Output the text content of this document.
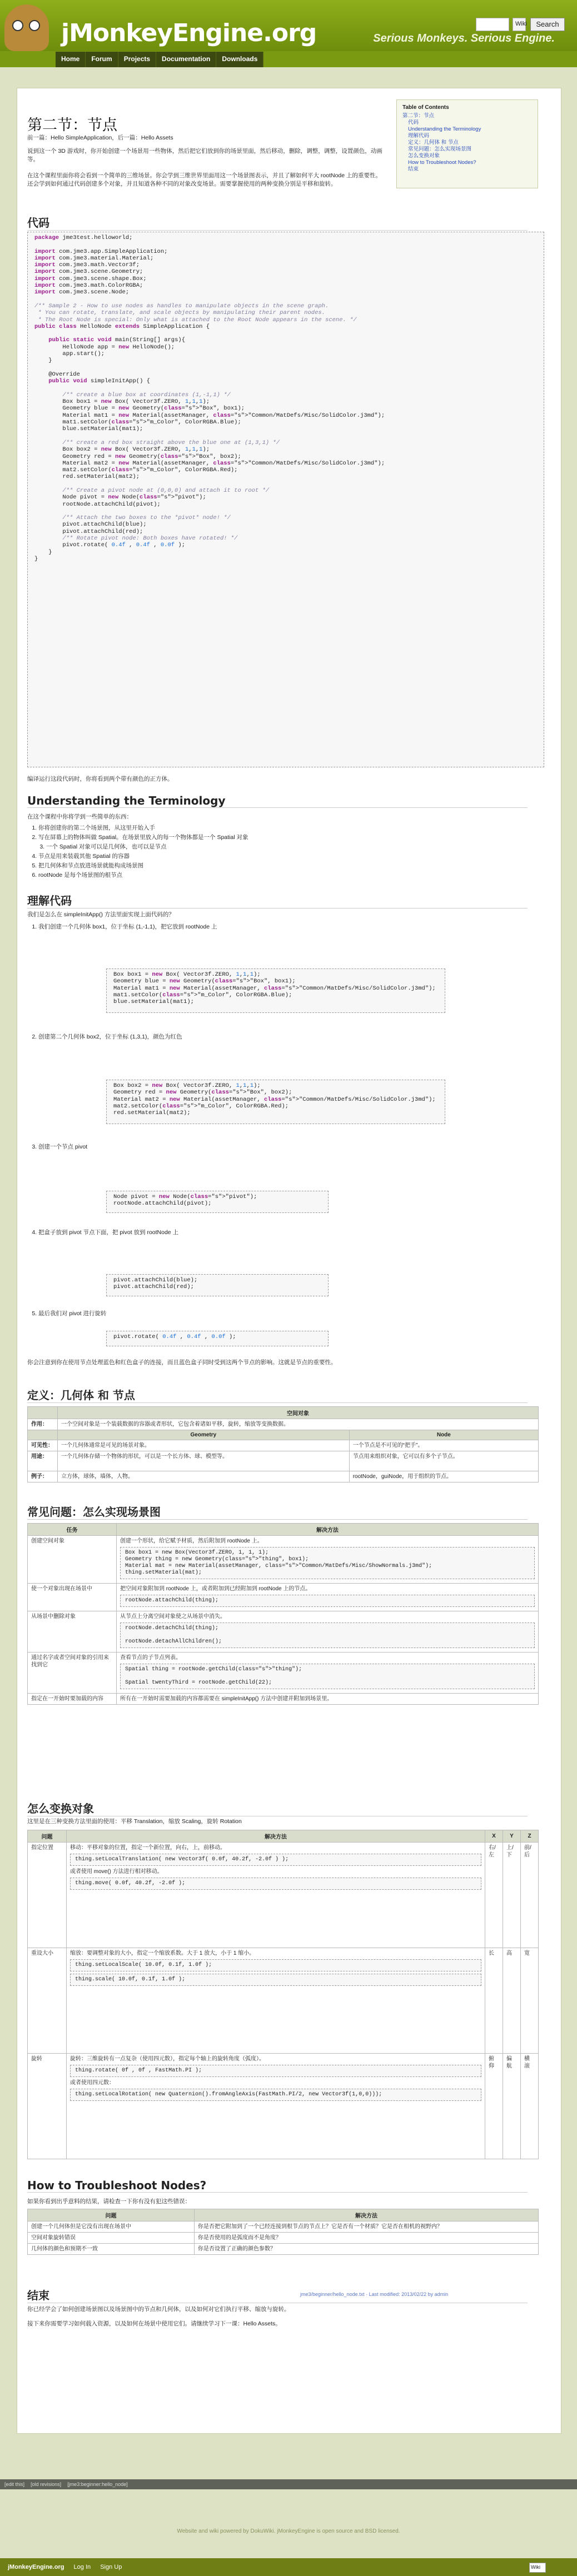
jMonkeyEngine.org	Serious Monkeys. Serious Engine.
Wiki	Search
Home	Forum	Projects	Documentation	Downloads
Table of Contents
第二节：节点
代码
Understanding the Terminology
理解代码
定义：几何体 和 节点
常见问题：怎么实现场景图
怎么变换对象
How to Troubleshoot Nodes?
结束
第二节：节点
前一篇：Hello SimpleApplication，后一篇：Hello Assets
说到这一个 3D 游戏时，你开始创建一个场景用一些物体，然后把它们放到你的场景里面，然后移动，删除，调整，调整，设置颜色，动画等。
在这个课程里面你将会看到一个简单的三维场景。你会学到三维世界里面用这一个场景图表示，并且了解如何平大 rootNode 上的重要性。还会学到如何通过代码创建多个对象，并且知道各种不同的对象改变场景。需要掌握使用的两种变换分别是平移和旋转。
代码
package jme3test.helloworld;

import com.jme3.app.SimpleApplication;
import com.jme3.material.Material;
import com.jme3.math.Vector3f;
import com.jme3.scene.Geometry;
import com.jme3.scene.shape.Box;
import com.jme3.math.ColorRGBA;
import com.jme3.scene.Node;

/** Sample 2 - How to use nodes as handles to manipulate objects in the scene graph.
* You can rotate, translate, and scale objects by manipulating their parent nodes.
* The Root Node is special: Only what is attached to the Root Node appears in the scene. */
public class HelloNode extends SimpleApplication {

public static void main(String[] args){
HelloNode app = new HelloNode();
app.start();
}

@Override
public void simpleInitApp() {

/** create a blue box at coordinates (1,-1,1) */
Box box1 = new Box( Vector3f.ZERO, 1,1,1);
Geometry blue = new Geometry(class="s">"Box", box1);
Material mat1 = new Material(assetManager, class="s">"Common/MatDefs/Misc/SolidColor.j3md");
mat1.setColor(class="s">"m_Color", ColorRGBA.Blue);
blue.setMaterial(mat1);

/** create a red box straight above the blue one at (1,3,1) */
Box box2 = new Box( Vector3f.ZERO, 1,1,1);
Geometry red = new Geometry(class="s">"Box", box2);
Material mat2 = new Material(assetManager, class="s">"Common/MatDefs/Misc/SolidColor.j3md");
mat2.setColor(class="s">"m_Color", ColorRGBA.Red);
red.setMaterial(mat2);

/** Create a pivot node at (0,0,0) and attach it to root */
Node pivot = new Node(class="s">"pivot");
rootNode.attachChild(pivot);

/** Attach the two boxes to the *pivot* node! */
pivot.attachChild(blue);
pivot.attachChild(red);
/** Rotate pivot node: Both boxes have rotated! */
pivot.rotate( 0.4f , 0.4f , 0.0f );
}
}
编译运行这段代码时，你将看到两个带有颜色的正方体。
Understanding the Terminology
在这个课程中你将学到一些简单的东西：
1. 你将创建你的第二个场景图，从这里开始入手
2. 写在屏幕上的物体叫做 Spatial。在场景里放入的每一个物体都是一个 Spatial 对象
3. 一个 Spatial 对象可以是几何体，也可以是节点
4. 节点是用来装载其他 Spatial 的容器
5. 把几何体和节点放进场景就能构成场景图
6. rootNode 是每个场景图的根节点
理解代码
我们是怎么在 simpleInitApp() 方法里面实现上面代码的？
1. 我们创建一个几何体 box1，位于坐标 (1,-1,1)，把它放到 rootNode 上
Box box1 = new Box( Vector3f.ZERO, 1,1,1);
Geometry blue = new Geometry(class="s">"Box", box1);
Material mat1 = new Material(assetManager, class="s">"Common/MatDefs/Misc/SolidColor.j3md");
mat1.setColor(class="s">"m_Color", ColorRGBA.Blue);
blue.setMaterial(mat1);
2. 创建第二个几何体 box2，位于坐标 (1,3,1)，颜色为红色
Box box2 = new Box( Vector3f.ZERO, 1,1,1);
Geometry red = new Geometry(class="s">"Box", box2);
Material mat2 = new Material(assetManager, class="s">"Common/MatDefs/Misc/SolidColor.j3md");
mat2.setColor(class="s">"m_Color", ColorRGBA.Red);
red.setMaterial(mat2);
3. 创建一个节点 pivot
Node pivot = new Node(class="s">"pivot");
rootNode.attachChild(pivot);
4. 把盒子放到 pivot 节点下面，把 pivot 放到 rootNode 上
pivot.attachChild(blue);
pivot.attachChild(red);
5. 最后我们对 pivot 进行旋转
pivot.rotate( 0.4f , 0.4f , 0.0f );
你会注意到你在使用节点处理蓝色和红色盒子的连接，而且蓝色盒子同时受到这两个节点的影响。这就是节点的重要性。
定义：几何体 和 节点
	空间对象	
作用：	一个空间对象是一个装载数据的容器或者形状，它包含着诸如平移，旋转，缩放等变换数据。	
	Geometry	Node
可见性：	一个几何体通常是可见的场景对象。	一个节点是不可见的“把手”。
用途：	一个几何体存储一个物体的形状，可以是一个长方体、球、模型等。	节点用来组织对象，它可以有多个子节点。
例子：	立方体，球体，墙体，人物。	rootNode，guiNode，用于组织的节点。
常见问题：怎么实现场景图
任务	解决方法
创建空间对象	创建一个形状，给它赋予材质，然后附加到 rootNode 上。
Box box1 = new Box(Vector3f.ZERO, 1, 1, 1);
Geometry thing = new Geometry(class="s">"thing", box1);
Material mat = new Material(assetManager, class="s">"Common/MatDefs/Misc/ShowNormals.j3md");
thing.setMaterial(mat);

使一个对象出现在场景中	把空间对象附加到 rootNode 上，或者附加到已经附加到 rootNode 上的节点。
rootNode.attachChild(thing);

从场景中删除对象	从节点上分离空间对象使之从场景中消失。
rootNode.detachChild(thing);

rootNode.detachAllChildren();

通过名字或者空间对象的引用来找到它	查看节点的子节点列表。
Spatial thing = rootNode.getChild(class="s">"thing");

Spatial twentyThird = rootNode.getChild(22);

指定在一开始时要加载的内容	所有在一开始时需要加载的内容都需要在 simpleInitApp() 方法中创建并附加到场景里。
怎么变换对象
这里是在三种变换方法里面的使用：平移 Translation，缩放 Scaling，旋转 Rotation
问题	解决方法	X	Y	Z
指定位置	移动：平移对象的位置，指定一个新位置，向右，上，前移动。
thing.setLocalTranslation( new Vector3f( 0.0f, 40.2f, -2.0f ) );
或者使用 move() 方法进行相对移动。
thing.move( 0.0f, 40.2f, -2.0f );	右/左	上/下	前/后
重设大小	缩放：要调整对象的大小，指定一个缩放系数。大于 1 放大，小于 1 缩小。
thing.setLocalScale( 10.0f, 0.1f, 1.0f );
thing.scale( 10.0f, 0.1f, 1.0f );	长	高	宽
旋转	旋转：三维旋转有一点复杂（使用四元数），指定每个轴上的旋转角度（弧度）。
thing.rotate( 0f , 0f , FastMath.PI );
或者使用四元数：
thing.setLocalRotation( new Quaternion().fromAngleAxis(FastMath.PI/2, new Vector3f(1,0,0)));	俯仰	偏航	横滚
How to Troubleshoot Nodes?
如果你看到出乎意料的结果，请检查一下你有没有犯这些错误：
问题	解决方法
创建一个几何体但是它没有出现在场景中	你是否把它附加到了一个已经连接到根节点的节点上？它是否有一个材质？它是否在相机的视野内？
空间对象旋转错误	你是否使用的是弧度而不是角度？
几何体的颜色和预期不一致	你是否设置了正确的颜色参数？
结束
你已经学会了如何创建场景图以及场景图中的节点和几何体，以及如何对它们执行平移、缩放与旋转。
接下来你需要学习如何载入资源，以及如何在场景中使用它们。请继续学习下一课：Hello Assets。
jme3/beginner/hello_node.txt · Last modified: 2013/02/22 by admin
[edit this] [old revisions] [jme3:beginner:hello_node]
Website and wiki powered by DokuWiki. jMonkeyEngine is open source and BSD licensed.
jMonkeyEngine.org Log In Sign Up	Wiki
